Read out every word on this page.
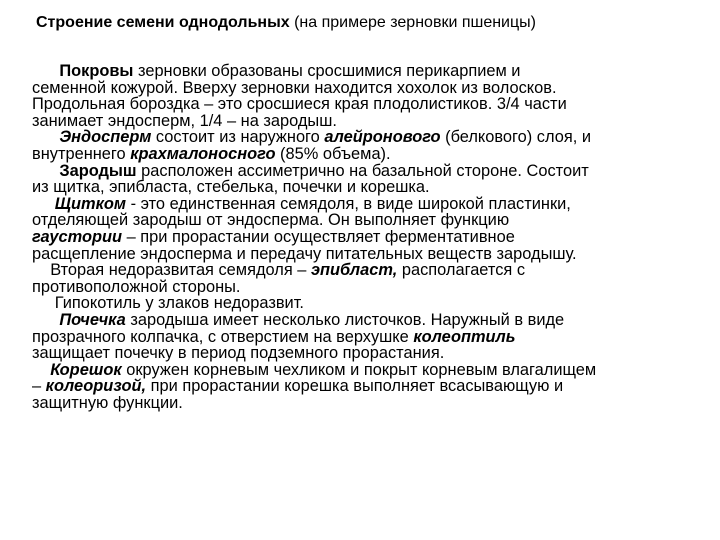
Строение семени однодольных (на примере зерновки пшеницы)
Покровы зерновки образованы сросшимися перикарпием и
семенной кожурой. Вверху зерновки находится хохолок из волосков.
Продольная бороздка – это сросшиеся края плодолистиков. 3/4 части
занимает эндосперм, 1/4 – на зародыш.
Эндосперм состоит из наружного алейронового (белкового) слоя, и
внутреннего крахмалоносного (85% объема).
Зародыш расположен ассиметрично на базальной стороне. Состоит
из щитка, эпибласта, стебелька, почечки и корешка.
Щитком - это единственная семядоля, в виде широкой пластинки,
отделяющей зародыш от эндосперма. Он выполняет функцию
гаустории – при прорастании осуществляет ферментативное
расщепление эндосперма и передачу питательных веществ зародышу.
Вторая недоразвитая семядоля – эпибласт, располагается с
противоположной стороны.
Гипокотиль у злаков недоразвит.
Почечка зародыша имеет несколько листочков. Наружный в виде
прозрачного колпачка, с отверстием на верхушке колеоптиль
защищает почечку в период подземного прорастания.
Корешок окружен корневым чехликом и покрыт корневым влагалищем
– колеоризой, при прорастании корешка выполняет всасывающую и
защитную функции.
